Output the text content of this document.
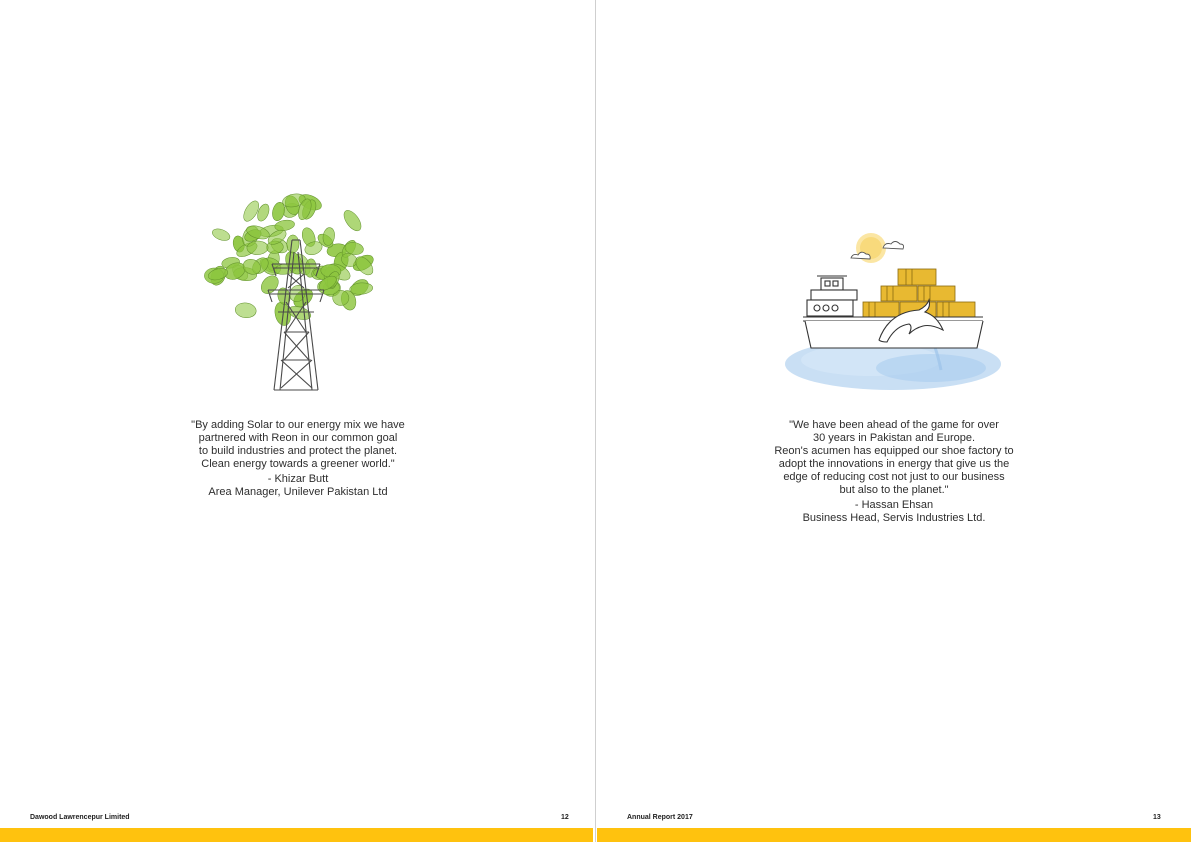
"By adding Solar to our energy mix we have
partnered with Reon in our common goal
to build industries and protect the planet.
Clean energy towards a greener world."
- Khizar Butt
Area Manager, Unilever Pakistan Ltd
Dawood Lawrencepur Limited	12
"We have been ahead of the game for over
30 years in Pakistan and Europe.
Reon's acumen has equipped our shoe factory to
adopt the innovations in energy that give us the
edge of reducing cost not just to our business
but also to the planet."
- Hassan Ehsan
Business Head, Servis Industries Ltd.
Annual Report 2017	13
